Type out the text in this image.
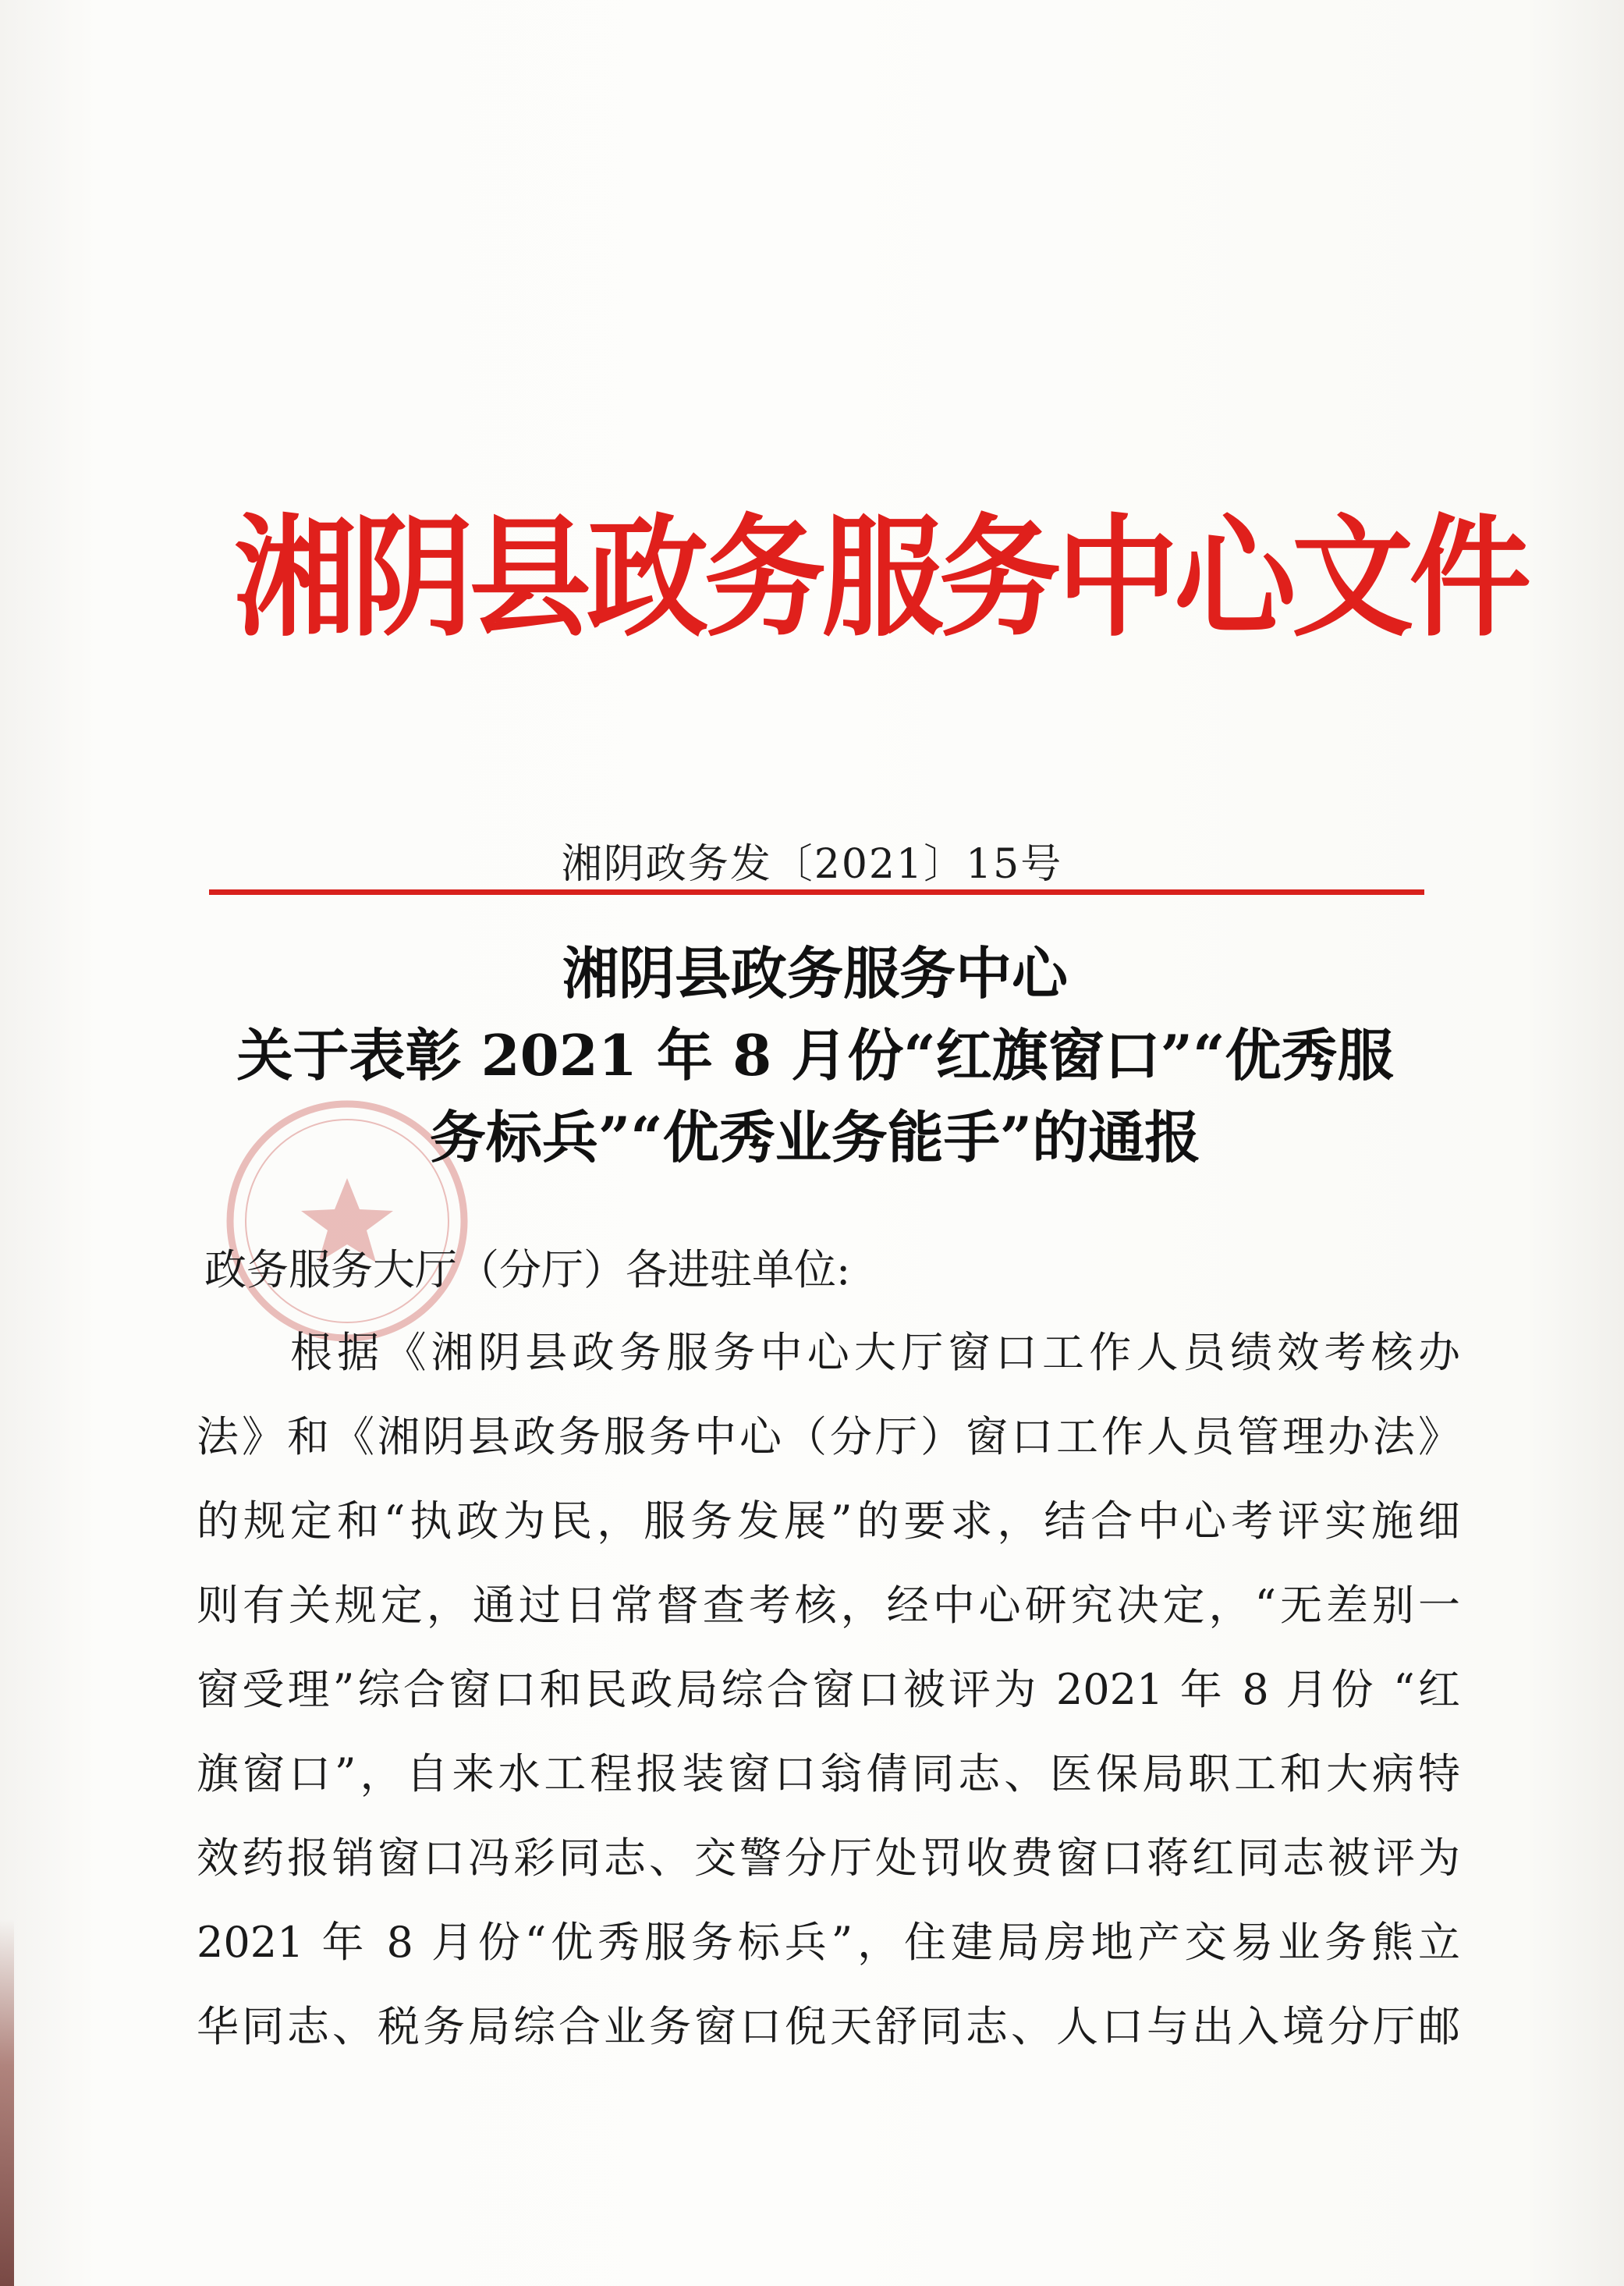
湘阴县政务服务中心文件
湘阴政务发〔2021〕15号
湘阴县政务服务中心
关于表彰 2021 年 8 月份“红旗窗口”“优秀服
务标兵”“优秀业务能手”的通报
政务服务大厅（分厅）各进驻单位:
根据《湘阴县政务服务中心大厅窗口工作人员绩效考核办
法》和《湘阴县政务服务中心（分厅）窗口工作人员管理办法》
的规定和“执政为民，服务发展”的要求，结合中心考评实施细
则有关规定，通过日常督查考核，经中心研究决定，“无差别一
窗受理”综合窗口和民政局综合窗口被评为 2021 年 8 月份 “红
旗窗口”，自来水工程报装窗口翁倩同志、医保局职工和大病特
效药报销窗口冯彩同志、交警分厅处罚收费窗口蒋红同志被评为
2021 年 8 月份“优秀服务标兵”，住建局房地产交易业务熊立
华同志、税务局综合业务窗口倪天舒同志、人口与出入境分厅邮
